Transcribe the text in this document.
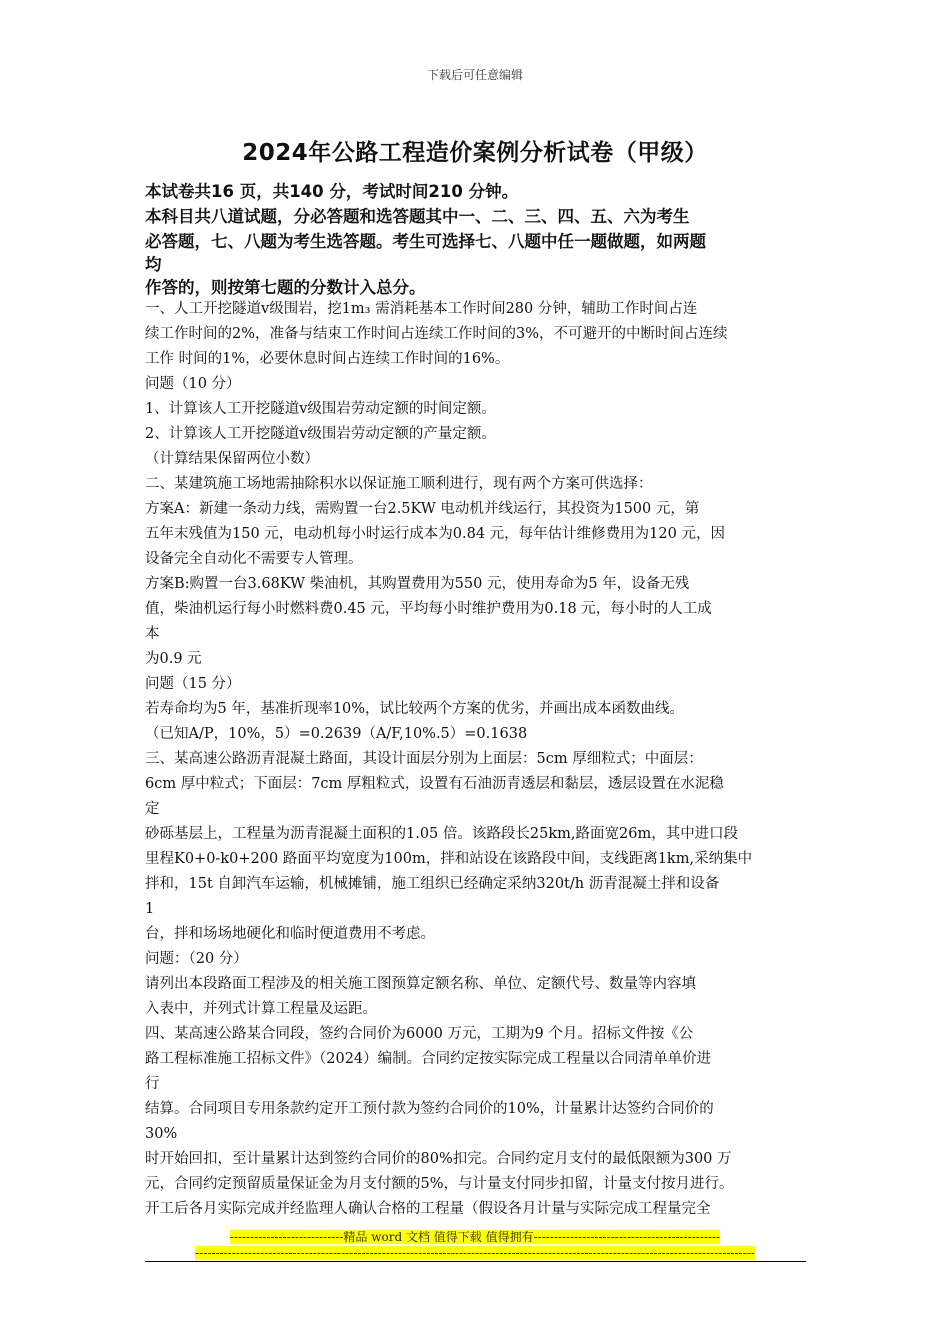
下载后可任意编辑
2024年公路工程造价案例分析试卷（甲级）
本试卷共16 页，共140 分，考试时间210 分钟。
本科目共八道试题，分必答题和选答题其中一、二、三、四、五、六为考生
必答题，七、八题为考生选答题。考生可选择七、八题中任一题做题，如两题
均
作答的，则按第七题的分数计入总分。
一、人工开挖隧道ⅴ级围岩，挖1m₃ 需消耗基本工作时间280 分钟，辅助工作时间占连
续工作时间的2%，准备与结束工作时间占连续工作时间的3%，不可避开的中断时间占连续
工作 时间的1%，必要休息时间占连续工作时间的16%。
问题（10 分）
1、计算该人工开挖隧道ⅴ级围岩劳动定额的时间定额。
2、计算该人工开挖隧道ⅴ级围岩劳动定额的产量定额。
（计算结果保留两位小数）
二、某建筑施工场地需抽除积水以保证施工顺利进行，现有两个方案可供选择：
方案A：新建一条动力线，需购置一台2.5KW 电动机并线运行，其投资为1500 元，第
五年末残值为150 元，电动机每小时运行成本为0.84 元，每年估计维修费用为120 元，因
设备完全自动化不需要专人管理。
方案B:购置一台3.68KW 柴油机，其购置费用为550 元，使用寿命为5 年，设备无残
值，柴油机运行每小时燃料费0.45 元，平均每小时维护费用为0.18 元，每小时的人工成
本
为0.9 元
问题（15 分）
若寿命均为5 年，基准折现率10%，试比较两个方案的优劣，并画出成本函数曲线。
（已知A/P，10%，5）=0.2639（A/F,10%.5）=0.1638
三、某高速公路沥青混凝土路面，其设计面层分别为上面层：5cm 厚细粒式；中面层：
6cm 厚中粒式；下面层：7cm 厚粗粒式，设置有石油沥青透层和黏层，透层设置在水泥稳
定
砂砾基层上，工程量为沥青混凝土面积的1.05 倍。该路段长25km,路面宽26m，其中进口段
里程K0+0-k0+200 路面平均宽度为100m，拌和站设在该路段中间，支线距离1km,采纳集中
拌和，15t 自卸汽车运输，机械摊铺，施工组织已经确定采纳320t/h 沥青混凝土拌和设备
1
台，拌和场场地硬化和临时便道费用不考虑。
问题：（20 分）
请列出本段路面工程涉及的相关施工图预算定额名称、单位、定额代号、数量等内容填
入表中，并列式计算工程量及运距。
四、某高速公路某合同段，签约合同价为6000 万元，工期为9 个月。招标文件按《公
路工程标准施工招标文件》（2024）编制。合同约定按实际完成工程量以合同清单单价进
行
结算。合同项目专用条款约定开工预付款为签约合同价的10%，计量累计达签约合同价的
30%
时开始回扣，至计量累计达到签约合同价的80%扣完。合同约定月支付的最低限额为300 万
元，合同约定预留质量保证金为月支付额的5%，与计量支付同步扣留，计量支付按月进行。
开工后各月实际完成并经监理人确认合格的工程量（假设各月计量与实际完成工程量完全
----------------------------精品 word 文档 值得下载 值得拥有----------------------------------------------
------------------------------------------------------------------------------------------------------------------------------------------
